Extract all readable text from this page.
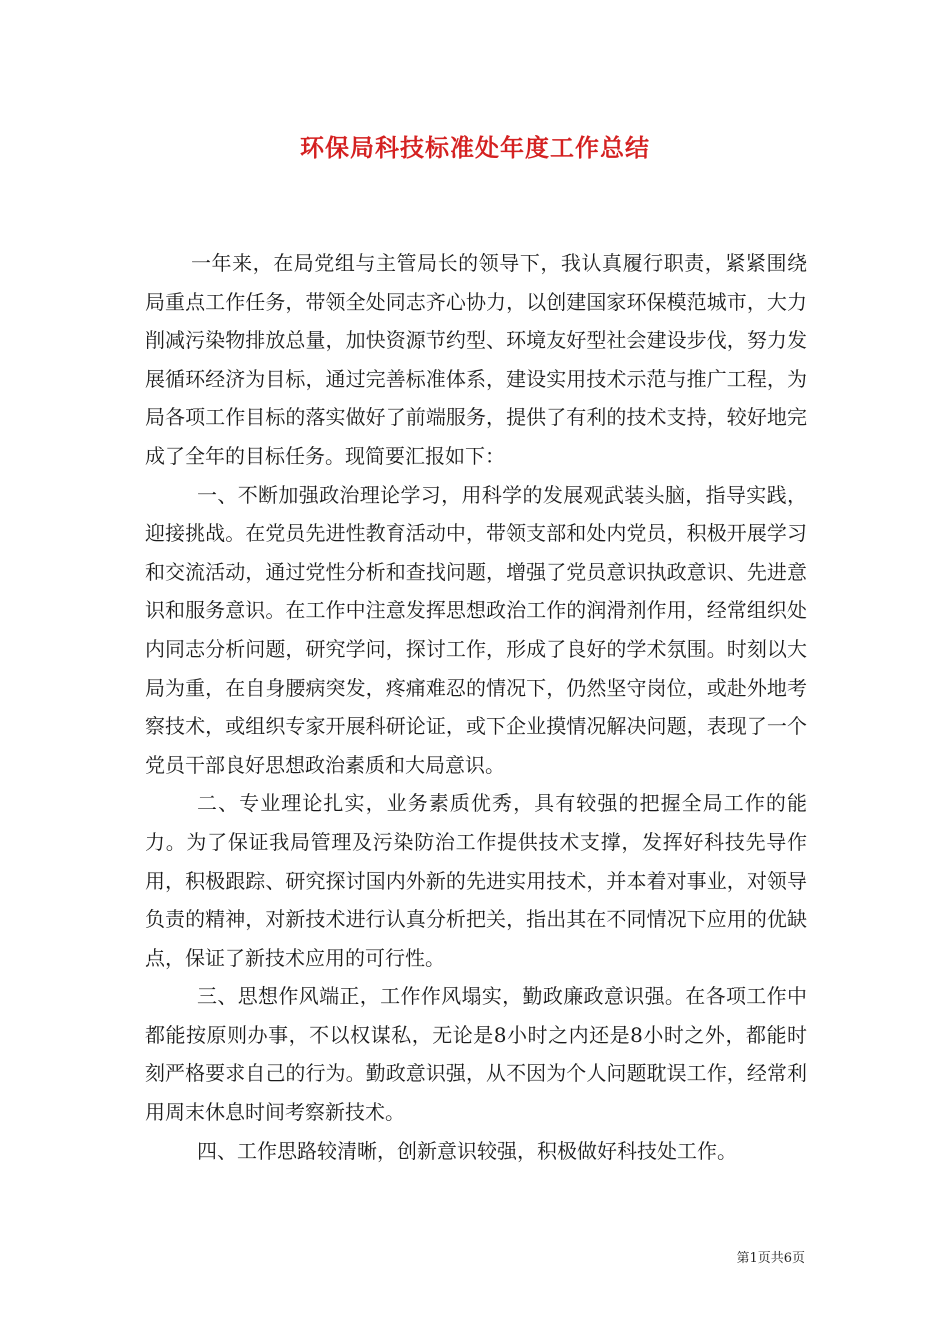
环保局科技标准处年度工作总结

一年来，在局党组与主管局长的领导下，我认真履行职责，紧紧围绕局重点工作任务，带领全处同志齐心协力，以创建国家环保模范城市，大力削减污染物排放总量，加快资源节约型、环境友好型社会建设步伐，努力发展循环经济为目标，通过完善标准体系，建设实用技术示范与推广工程，为局各项工作目标的落实做好了前端服务，提供了有利的技术支持，较好地完成了全年的目标任务。现简要汇报如下：

一、不断加强政治理论学习，用科学的发展观武装头脑，指导实践，迎接挑战。在党员先进性教育活动中，带领支部和处内党员，积极开展学习和交流活动，通过党性分析和查找问题，增强了党员意识执政意识、先进意识和服务意识。在工作中注意发挥思想政治工作的润滑剂作用，经常组织处内同志分析问题，研究学问，探讨工作，形成了良好的学术氛围。时刻以大局为重，在自身腰病突发，疼痛难忍的情况下，仍然坚守岗位，或赴外地考察技术，或组织专家开展科研论证，或下企业摸情况解决问题，表现了一个党员干部良好思想政治素质和大局意识。

二、专业理论扎实，业务素质优秀，具有较强的把握全局工作的能力。为了保证我局管理及污染防治工作提供技术支撑，发挥好科技先导作用，积极跟踪、研究探讨国内外新的先进实用技术，并本着对事业，对领导负责的精神，对新技术进行认真分析把关，指出其在不同情况下应用的优缺点，保证了新技术应用的可行性。

三、思想作风端正，工作作风塌实，勤政廉政意识强。在各项工作中都能按原则办事，不以权谋私，无论是8小时之内还是8小时之外，都能时刻严格要求自己的行为。勤政意识强，从不因为个人问题耽误工作，经常利用周末休息时间考察新技术。

四、工作思路较清晰，创新意识较强，积极做好科技处工作。

第1页共6页
